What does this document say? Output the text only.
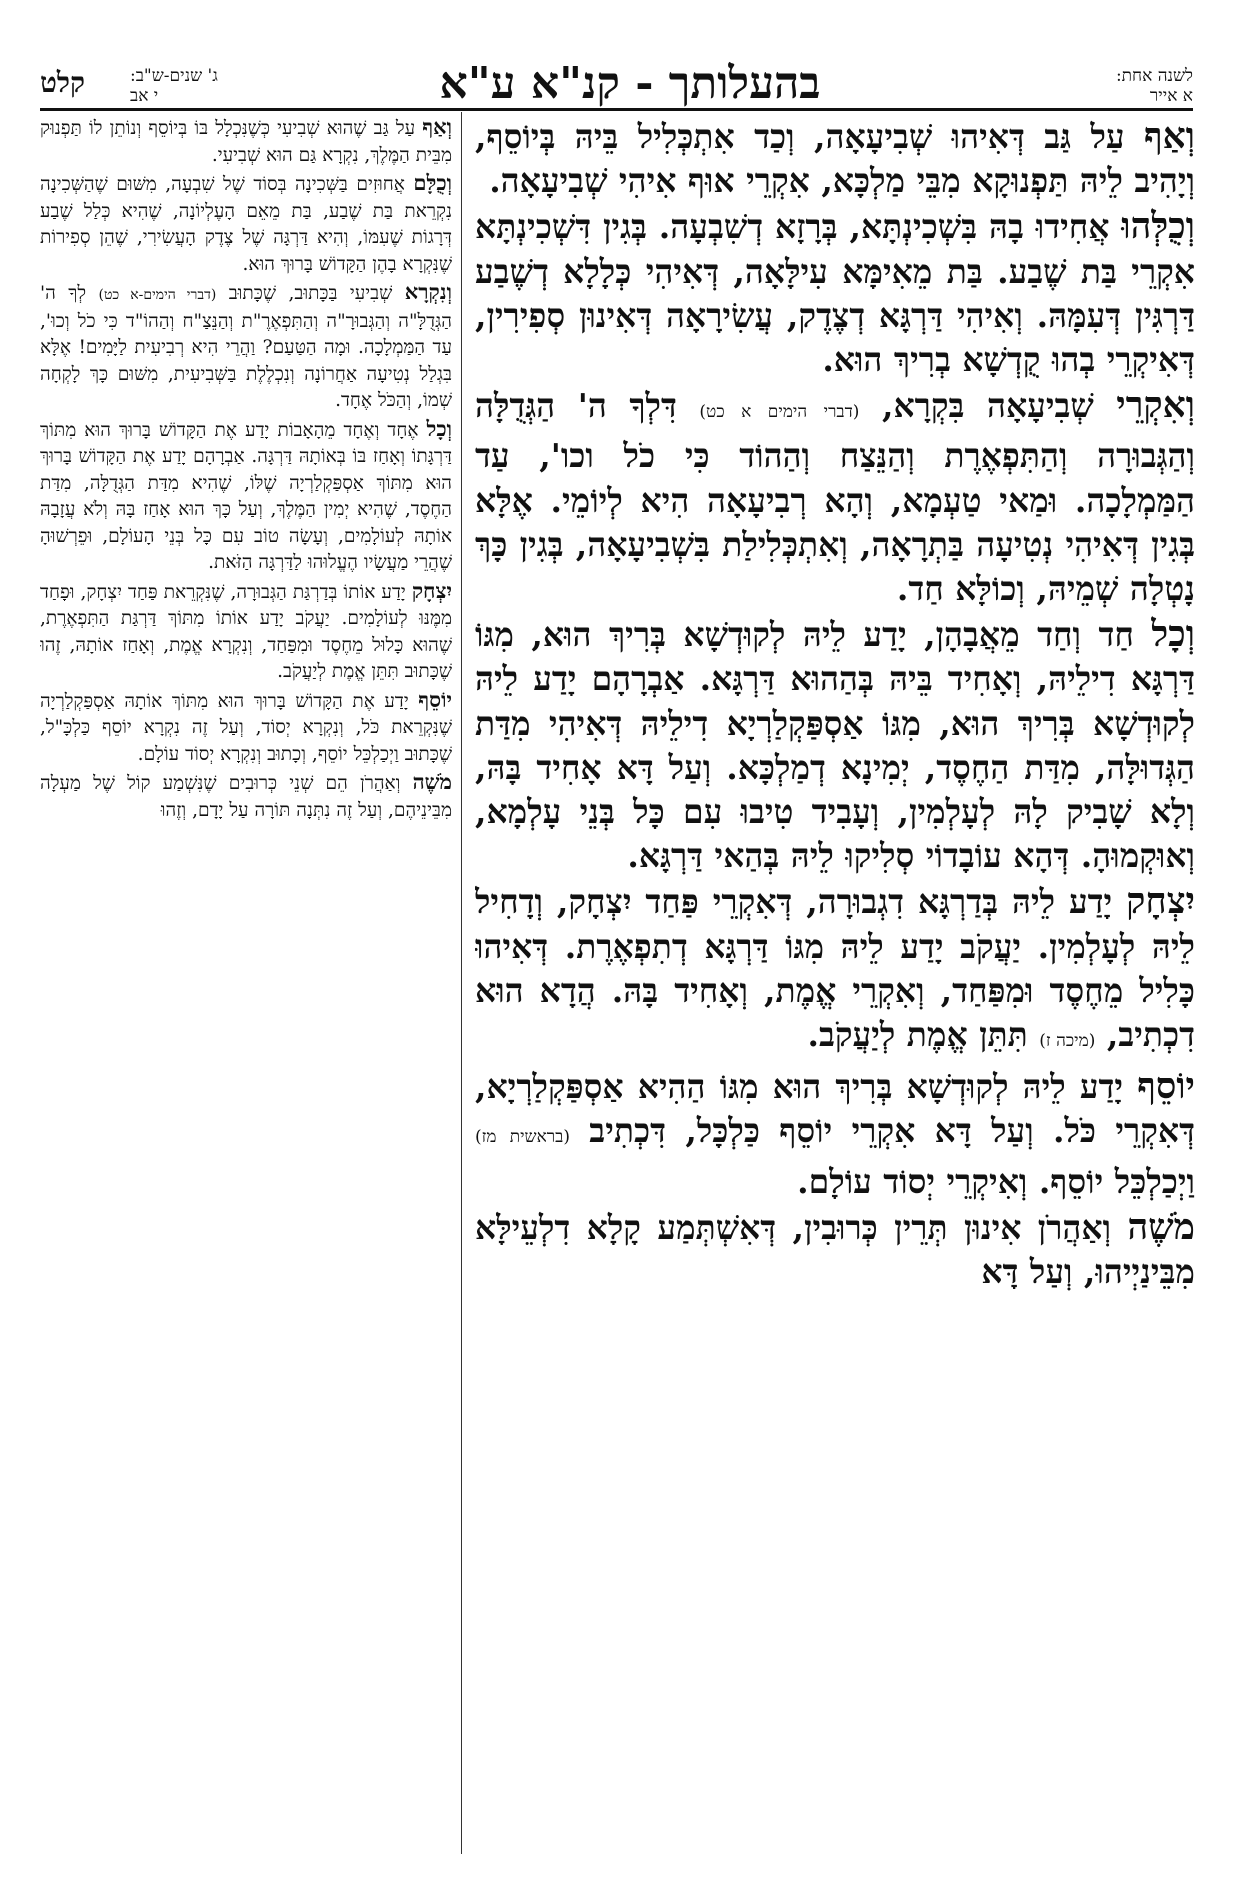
לשנה אחת:
א אייר
בהעלותך - קנ"א ע"א
ג' שנים-ש"ב:
י אב
קלט

וְאַף עַל גַּב דְּאִיהוּ שְׁבִיעָאָה, וְכַד אִתְכְּלִיל בֵּיהּ בְּיוֹסֵף, וְיָהִיב לֵיהּ תַּפְנוּקָא מִבֵּי מַלְכָּא, אִקְרֵי אוּף אִיהִי שְׁבִיעָאָה.

וְכֻלְּהוּ אֲחִידוּ בָהּ בִּשְׁכִינְתָּא, בְּרָזָא דְשִׁבְעָה. בְּגִין דִּשְׁכִינְתָּא אִקְרֵי בַּת שֶׁבַע. בַּת מֵאִימָּא עִילָּאָה, דְּאִיהִי כְּלָלָא דְשֶׁבַע דַּרְגִּין דְּעִמָּהּ. וְאִיהִי דַּרְגָּא דְצֶדֶק, עֲשִׂירָאָה דְּאִינוּן סְפִירִין, דְּאִיקְרֵי בְהוּ קֻדְשָׁא בְרִיךְ הוּא.

וְאִקְרֵי שְׁבִיעָאָה בִּקְרָא, (דברי הימים א כט) דִּלְךָ ה' הַגְּדֻלָּה וְהַגְּבוּרָה וְהַתִּפְאֶרֶת וְהַנֵּצַח וְהַהוֹד כִּי כֹל וכו', עַד הַמַּמְלָכָה. וּמַאי טַעְמָא, וְהָא רְבִיעָאָה הִיא לְיוֹמֵי. אֶלָּא בְּגִין דְּאִיהִי נְטִיעָה בַּתְרָאָה, וְאִתְכְּלִילַת בִּשְׁבִיעָאָה, בְּגִין כָּךְ נָטְלָה שְׁמֵיהּ, וְכוֹלָּא חַד.

וְכָל חַד וְחַד מֵאֲבָהָן, יָדַע לֵיהּ לְקוּדְשָׁא בְּרִיךְ הוּא, מִגּוֹ דַּרְגָּא דִילֵיהּ, וְאָחִיד בֵּיהּ בְּהַהוּא דַּרְגָּא. אַבְרָהָם יָדַע לֵיהּ לְקוּדְשָׁא בְּרִיךְ הוּא, מִגּוֹ אַסְפַּקְלַרְיָא דִילֵיהּ דְּאִיהִי מִדַּת הַגְּדוּלָּה, מִדַּת הַחֶסֶד, יְמִינָא דְמַלְכָּא. וְעַל דָּא אָחִיד בָּהּ, וְלָא שָׁבִיק לָהּ לְעָלְמִין, וְעָבִיד טִיבוּ עִם כָּל בְּנֵי עָלְמָא, וְאוּקְמוּהָ. דְּהָא עוֹבָדוֹי סְלִיקוּ לֵיהּ בְּהַאי דַּרְגָּא.

יִצְחָק יָדַע לֵיהּ בְּדַרְגָּא דִגְבוּרָה, דְּאִקְרֵי פַּחַד יִצְחָק, וְדָחִיל לֵיהּ לְעָלְמִין. יַעֲקֹב יָדַע לֵיהּ מִגּוֹ דַּרְגָּא דְתִפְאֶרֶת. דְּאִיהוּ כָּלִיל מֵחֶסֶד וּמִפַּחַד, וְאִקְרֵי אֱמֶת, וְאָחִיד בָּהּ. הֲדָא הוּא דִכְתִיב, (מיכה ז) תִּתֵּן אֱמֶת לְיַעֲקֹב.

יוֹסֵף יָדַע לֵיהּ לְקוּדְשָׁא בְּרִיךְ הוּא מִגּוֹ הַהִיא אַסְפַּקְלַרְיָא, דְּאִקְרֵי כֹּל. וְעַל דָּא אִקְרֵי יוֹסֵף כַּלְכָּל, דִּכְתִיב (בראשית מז) וַיְכַלְכֵּל יוֹסֵף. וְאִיקְרֵי יְסוֹד עוֹלָם.

מֹשֶׁה וְאַהֲרֹן אִינוּן תְּרֵין כְּרוּבִין, דְּאִשְׁתְּמַע קָלָא דִלְעֵילָּא מִבֵּינַיְיהוּ, וְעַל דָּא

וְאַף עַל גַּב שֶׁהוּא שְׁבִיעִי כְּשֶׁנִּכְלָל בּוֹ בְּיוֹסֵף וְנוֹתֵן לוֹ תַּפְנוּק מִבֵּית הַמֶּלֶךְ, נִקְרָא גַּם הוּא שְׁבִיעִי.

וְכֻלָּם אֲחוּזִים בַּשְּׁכִינָה בְּסוֹד שֶׁל שִׁבְעָה, מִשּׁוּם שֶׁהַשְּׁכִינָה נִקְרֵאת בַּת שֶׁבַע, בַּת מֵאֵם הָעֶלְיוֹנָה, שֶׁהִיא כְּלַל שֶׁבַע דְּרָגוֹת שֶׁעִמּוֹ, וְהִיא דַּרְגָּה שֶׁל צֶדֶק הָעֲשִׂירִי, שֶׁהֵן סְפִירוֹת שֶׁנִּקְרָא בָהֶן הַקָּדוֹשׁ בָּרוּךְ הוּא.

וְנִקְרָא שְׁבִיעִי בַּכָּתוּב, שֶׁכָּתוּב (דברי הימים-א כט) לְךָ ה' הַגְּדֻלָּ"ה וְהַגְּבוּרָ"ה וְהַתִּפְאֶרֶ"ת וְהַנֵּצַ"ח וְהַהוֹ"ד כִּי כֹל וְכוּ', עַד הַמַּמְלָכָה. וּמָה הַטַּעַם? וַהֲרֵי הִיא רְבִיעִית לַיָּמִים! אֶלָּא בִּגְלַל נְטִיעָה אַחֲרוֹנָה וְנִכְלֶלֶת בַּשְּׁבִיעִית, מִשּׁוּם כָּךְ לָקְחָה שְׁמוֹ, וְהַכֹּל אֶחָד.

וְכָל אֶחָד וְאֶחָד מֵהָאָבוֹת יָדַע אֶת הַקָּדוֹשׁ בָּרוּךְ הוּא מִתּוֹךְ דַּרְגָּתוֹ וְאָחַז בּוֹ בְּאוֹתָהּ דַּרְגָּה. אַבְרָהָם יָדַע אֶת הַקָּדוֹשׁ בָּרוּךְ הוּא מִתּוֹךְ אַסְפַּקְלַרְיָה שֶׁלּוֹ, שֶׁהִיא מִדַּת הַגְּדֻלָּה, מִדַּת הַחֶסֶד, שֶׁהִיא יְמִין הַמֶּלֶךְ, וְעַל כָּךְ הוּא אָחַז בָּהּ וְלֹא עֲזָבָהּ אוֹתָהּ לְעוֹלָמִים, וְעָשָׂה טוֹב עִם כָּל בְּנֵי הָעוֹלָם, וּפֵרְשׁוּהָ שֶׁהֲרֵי מַעֲשָׂיו הֶעֱלוּהוּ לַדַּרְגָּה הַזֹּאת.

יִצְחָק יָדַע אוֹתוֹ בְּדַרְגַּת הַגְּבוּרָה, שֶׁנִּקְרֵאת פַּחַד יִצְחָק, וּפָחַד מִמֶּנּוּ לְעוֹלָמִים. יַעֲקֹב יָדַע אוֹתוֹ מִתּוֹךְ דַּרְגַּת הַתִּפְאֶרֶת, שֶׁהוּא כָּלוּל מֵחֶסֶד וּמִפַּחַד, וְנִקְרָא אֱמֶת, וְאָחַז אוֹתָהּ, זֶהוּ שֶׁכָּתוּב תִּתֵּן אֱמֶת לְיַעֲקֹב.

יוֹסֵף יָדַע אֶת הַקָּדוֹשׁ בָּרוּךְ הוּא מִתּוֹךְ אוֹתָהּ אַסְפַּקְלַרְיָה שֶׁנִּקְרֵאת כֹּל, וְנִקְרָא יְסוֹד, וְעַל זֶה נִקְרָא יוֹסֵף כַּלְכָּ"ל, שֶׁכָּתוּב וַיְכַלְכֵּל יוֹסֵף, וְכָתוּב וְנִקְרָא יְסוֹד עוֹלָם.

מֹשֶׁה וְאַהֲרֹן הֵם שְׁנֵי כְּרוּבִים שֶׁנִּשְׁמַע קוֹל שֶׁל מַעְלָה מִבֵּינֵיהֶם, וְעַל זֶה נִתְּנָה תּוֹרָה עַל יָדָם, וְזֶהוּ
